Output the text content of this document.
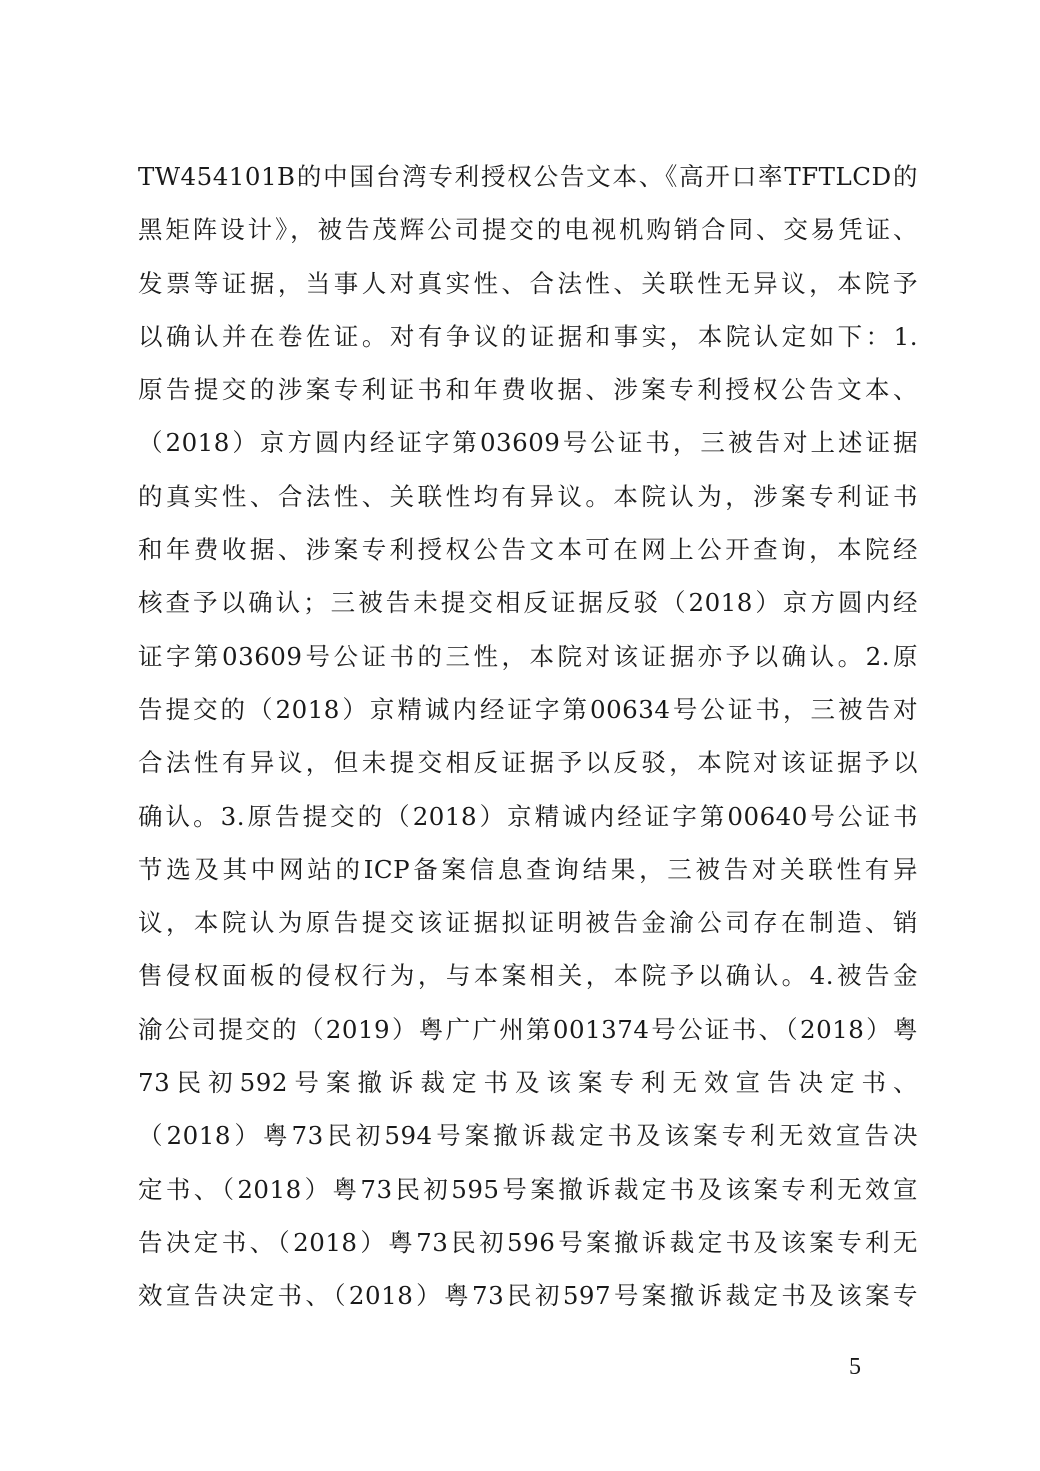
TW454101B的中国台湾专利授权公告文本、《高开口率TFTLCD的
黑矩阵设计》，被告茂辉公司提交的电视机购销合同、交易凭证、
发票等证据，当事人对真实性、合法性、关联性无异议，本院予
以确认并在卷佐证。对有争议的证据和事实，本院认定如下：1.
原告提交的涉案专利证书和年费收据、涉案专利授权公告文本、
（2018）京方圆内经证字第03609号公证书，三被告对上述证据
的真实性、合法性、关联性均有异议。本院认为，涉案专利证书
和年费收据、涉案专利授权公告文本可在网上公开查询，本院经
核查予以确认；三被告未提交相反证据反驳（2018）京方圆内经
证字第03609号公证书的三性，本院对该证据亦予以确认。2.原
告提交的（2018）京精诚内经证字第00634号公证书，三被告对
合法性有异议，但未提交相反证据予以反驳，本院对该证据予以
确认。3.原告提交的（2018）京精诚内经证字第00640号公证书
节选及其中网站的ICP备案信息查询结果，三被告对关联性有异
议，本院认为原告提交该证据拟证明被告金渝公司存在制造、销
售侵权面板的侵权行为，与本案相关，本院予以确认。4.被告金
渝公司提交的（2019）粤广广州第001374号公证书、（2018）粤
73民初592号案撤诉裁定书及该案专利无效宣告决定书、
（2018）粤73民初594号案撤诉裁定书及该案专利无效宣告决
定书、（2018）粤73民初595号案撤诉裁定书及该案专利无效宣
告决定书、（2018）粤73民初596号案撤诉裁定书及该案专利无
效宣告决定书、（2018）粤73民初597号案撤诉裁定书及该案专
5
